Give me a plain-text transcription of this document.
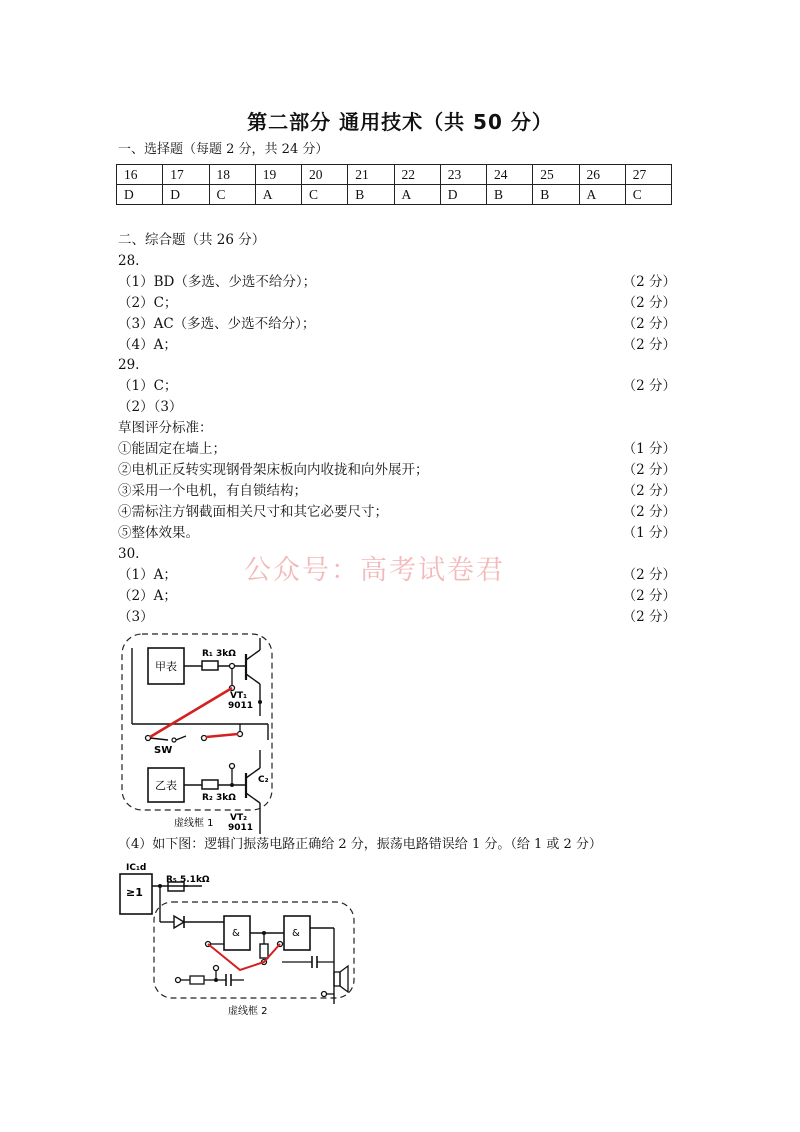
第二部分 通用技术（共 50 分）
一、选择题（每题 2 分，共 24 分）
16	17	18	19	20	21	22	23	24	25	26	27
D	D	C	A	C	B	A	D	B	B	A	C
二、综合题（共 26 分）
28.
（1）BD（多选、少选不给分）；	（2 分）
（2）C；	（2 分）
（3）AC（多选、少选不给分）；	（2 分）
（4）A；	（2 分）
29.
（1）C；	（2 分）
（2）（3）
草图评分标准：
①能固定在墙上；	（1 分）
②电机正反转实现钢骨架床板向内收拢和向外展开；	（2 分）
③采用一个电机，有自锁结构；	（2 分）
④需标注方钢截面相关尺寸和其它必要尺寸；	（2 分）
⑤整体效果。	（1 分）
30.
（1）A；	（2 分）
（2）A；	（2 分）
（3）	（2 分）
公众号：高考试卷君
甲表
R₁ 3kΩ
VT₁
9011
SW
乙表
R₂ 3kΩ
C₂
虚线框 1 VT₂
9011
（4）如下图：逻辑门振荡电路正确给 2 分，振荡电路错误给 1 分。（给 1 或 2 分）
IC₁d
≥1
R₅ 5.1kΩ
&	&
虚线框 2
